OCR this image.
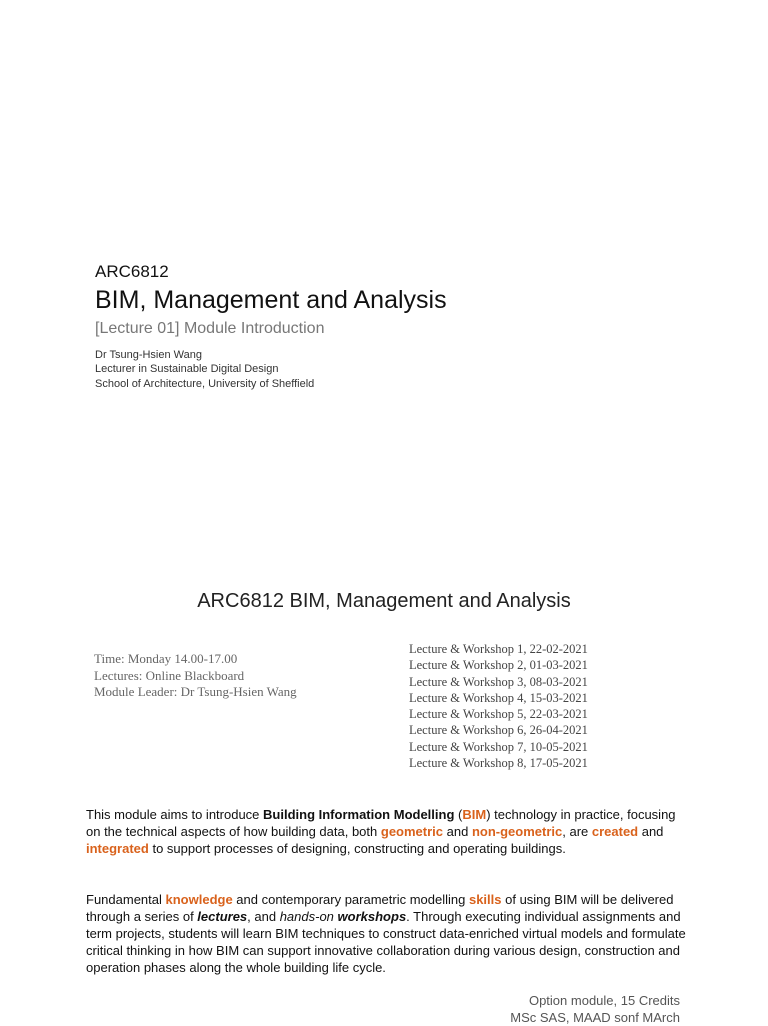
ARC6812
BIM, Management and Analysis
[Lecture 01] Module Introduction
Dr Tsung-Hsien Wang
Lecturer in Sustainable Digital Design
School of Architecture, University of Sheffield
ARC6812 BIM, Management and Analysis
Time: Monday 14.00-17.00
Lectures: Online Blackboard
Module Leader: Dr Tsung-Hsien Wang
Lecture & Workshop 1, 22-02-2021
Lecture & Workshop 2, 01-03-2021
Lecture & Workshop 3, 08-03-2021
Lecture & Workshop 4, 15-03-2021
Lecture & Workshop 5, 22-03-2021
Lecture & Workshop 6, 26-04-2021
Lecture & Workshop 7, 10-05-2021
Lecture & Workshop 8, 17-05-2021
This module aims to introduce Building Information Modelling (BIM) technology in practice, focusing on the technical aspects of how building data, both geometric and non-geometric, are created and integrated to support processes of designing, constructing and operating buildings.
Fundamental knowledge and contemporary parametric modelling skills of using BIM will be delivered through a series of lectures, and hands-on workshops. Through executing individual assignments and term projects, students will learn BIM techniques to construct data-enriched virtual models and formulate critical thinking in how BIM can support innovative collaboration during various design, construction and operation phases along the whole building life cycle.
Option module, 15 Credits
MSc SAS, MAAD sonf MArch
